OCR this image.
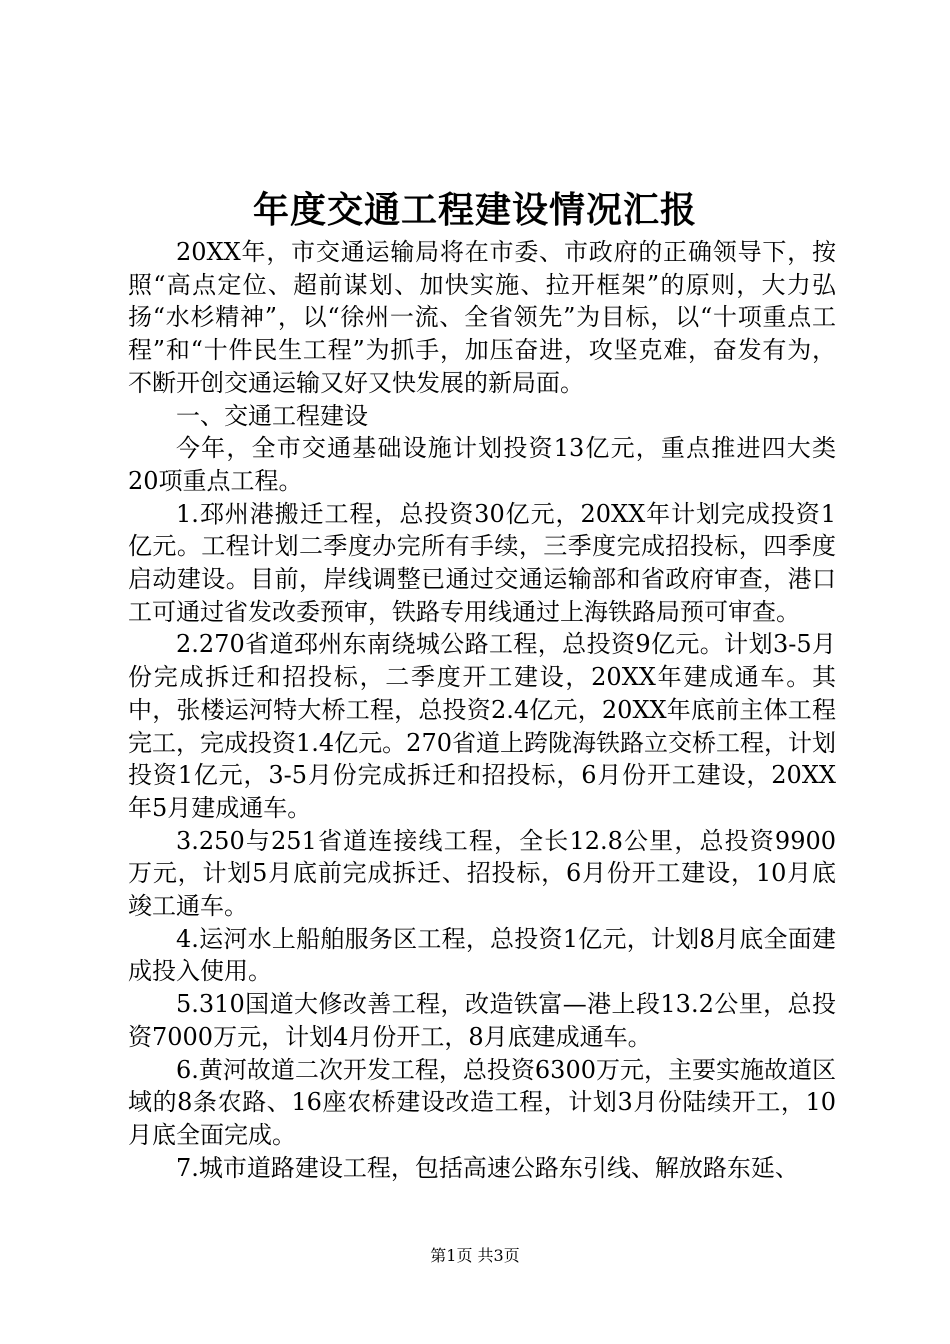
年度交通工程建设情况汇报

20XX年，市交通运输局将在市委、市政府的正确领导下，按照“高点定位、超前谋划、加快实施、拉开框架”的原则，大力弘扬“水杉精神”，以“徐州一流、全省领先”为目标，以“十项重点工程”和“十件民生工程”为抓手，加压奋进，攻坚克难，奋发有为，不断开创交通运输又好又快发展的新局面。

一、交通工程建设

今年，全市交通基础设施计划投资13亿元，重点推进四大类20项重点工程。

1.邳州港搬迁工程，总投资30亿元，20XX年计划完成投资1亿元。工程计划二季度办完所有手续，三季度完成招投标，四季度启动建设。目前，岸线调整已通过交通运输部和省政府审查，港口工可通过省发改委预审，铁路专用线通过上海铁路局预可审查。

2.270省道邳州东南绕城公路工程，总投资9亿元。计划3-5月份完成拆迁和招投标，二季度开工建设，20XX年建成通车。其中，张楼运河特大桥工程，总投资2.4亿元，20XX年底前主体工程完工，完成投资1.4亿元。270省道上跨陇海铁路立交桥工程，计划投资1亿元，3-5月份完成拆迁和招投标，6月份开工建设，20XX年5月建成通车。

3.250与251省道连接线工程，全长12.8公里，总投资9900万元，计划5月底前完成拆迁、招投标，6月份开工建设，10月底竣工通车。

4.运河水上船舶服务区工程，总投资1亿元，计划8月底全面建成投入使用。

5.310国道大修改善工程，改造铁富—港上段13.2公里，总投资7000万元，计划4月份开工，8月底建成通车。

6.黄河故道二次开发工程，总投资6300万元，主要实施故道区域的8条农路、16座农桥建设改造工程，计划3月份陆续开工，10月底全面完成。

7.城市道路建设工程，包括高速公路东引线、解放路东延、

第1页 共3页
